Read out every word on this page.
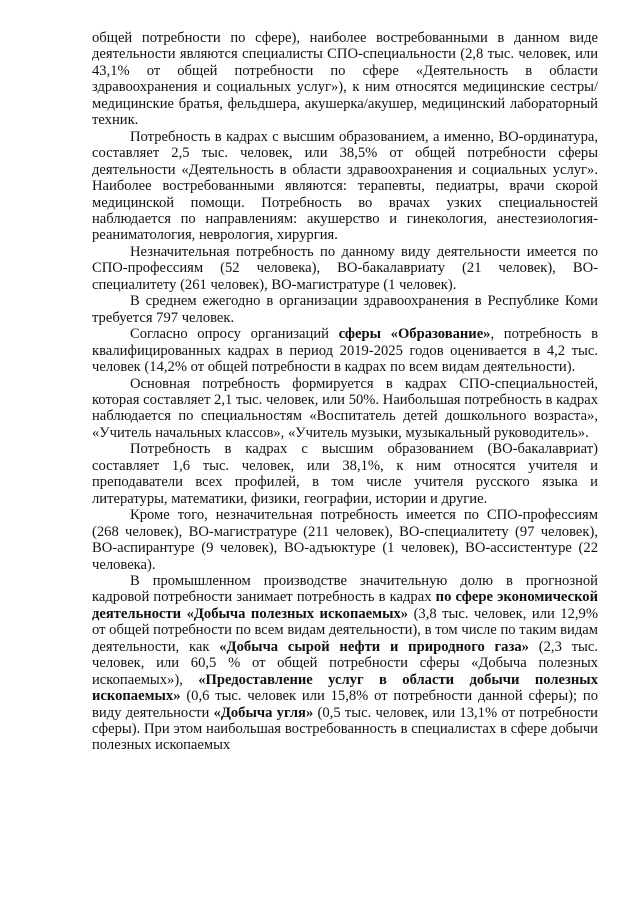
общей потребности по сфере), наиболее востребованными в данном виде деятельности являются специалисты СПО-специальности (2,8 тыс. человек, или 43,1% от общей потребности по сфере «Деятельность в области здравоохранения и социальных услуг»), к ним относятся медицинские сестры/медицинские братья, фельдшера, акушерка/акушер, медицинский лабораторный техник.

Потребность в кадрах с высшим образованием, а именно, ВО-ординатура, составляет 2,5 тыс. человек, или 38,5% от общей потребности сферы деятельности «Деятельность в области здравоохранения и социальных услуг». Наиболее востребованными являются: терапевты, педиатры, врачи скорой медицинской помощи. Потребность во врачах узких специальностей наблюдается по направлениям: акушерство и гинекология, анестезиология-реаниматология, неврология, хирургия.

Незначительная потребность по данному виду деятельности имеется по СПО-профессиям (52 человека), ВО-бакалавриату (21 человек), ВО-специалитету (261 человек), ВО-магистратуре (1 человек).

В среднем ежегодно в организации здравоохранения в Республике Коми требуется 797 человек.

Согласно опросу организаций сферы «Образование», потребность в квалифицированных кадрах в период 2019-2025 годов оценивается в 4,2 тыс. человек (14,2% от общей потребности в кадрах по всем видам деятельности).

Основная потребность формируется в кадрах СПО-специальностей, которая составляет 2,1 тыс. человек, или 50%. Наибольшая потребность в кадрах наблюдается по специальностям «Воспитатель детей дошкольного возраста», «Учитель начальных классов», «Учитель музыки, музыкальный руководитель».

Потребность в кадрах с высшим образованием (ВО-бакалавриат) составляет 1,6 тыс. человек, или 38,1%, к ним относятся учителя и преподаватели всех профилей, в том числе учителя русского языка и литературы, математики, физики, географии, истории и другие.

Кроме того, незначительная потребность имеется по СПО-профессиям (268 человек), ВО-магистратуре (211 человек), ВО-специалитету (97 человек), ВО-аспирантуре (9 человек), ВО-адъюктуре (1 человек), ВО-ассистентуре (22 человека).

В промышленном производстве значительную долю в прогнозной кадровой потребности занимает потребность в кадрах по сфере экономической деятельности «Добыча полезных ископаемых» (3,8 тыс. человек, или 12,9% от общей потребности по всем видам деятельности), в том числе по таким видам деятельности, как «Добыча сырой нефти и природного газа» (2,3 тыс. человек, или 60,5 % от общей потребности сферы «Добыча полезных ископаемых»), «Предоставление услуг в области добычи полезных ископаемых» (0,6 тыс. человек или 15,8% от потребности данной сферы); по виду деятельности «Добыча угля» (0,5 тыс. человек, или 13,1% от потребности сферы). При этом наибольшая востребованность в специалистах в сфере добычи полезных ископаемых
